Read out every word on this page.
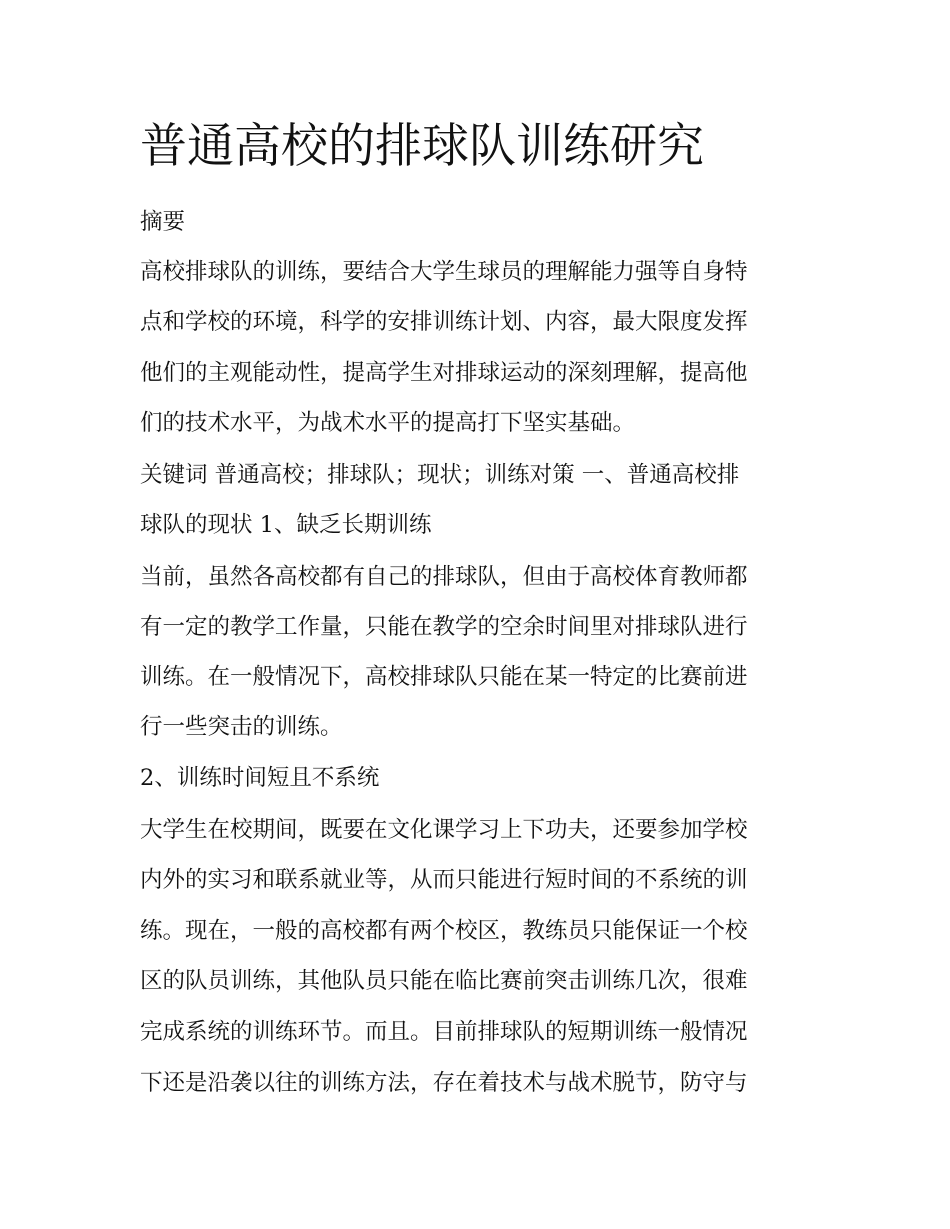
普通高校的排球队训练研究

摘要

高校排球队的训练，要结合大学生球员的理解能力强等自身特

点和学校的环境，科学的安排训练计划、内容，最大限度发挥

他们的主观能动性，提高学生对排球运动的深刻理解，提高他

们的技术水平，为战术水平的提高打下坚实基础。

关键词 普通高校；排球队；现状；训练对策 一、普通高校排

球队的现状 1、缺乏长期训练

当前，虽然各高校都有自己的排球队，但由于高校体育教师都

有一定的教学工作量，只能在教学的空余时间里对排球队进行

训练。在一般情况下，高校排球队只能在某一特定的比赛前进

行一些突击的训练。

2、训练时间短且不系统

大学生在校期间，既要在文化课学习上下功夫，还要参加学校

内外的实习和联系就业等，从而只能进行短时间的不系统的训

练。现在，一般的高校都有两个校区，教练员只能保证一个校

区的队员训练，其他队员只能在临比赛前突击训练几次，很难

完成系统的训练环节。而且。目前排球队的短期训练一般情况

下还是沿袭以往的训练方法，存在着技术与战术脱节，防守与
